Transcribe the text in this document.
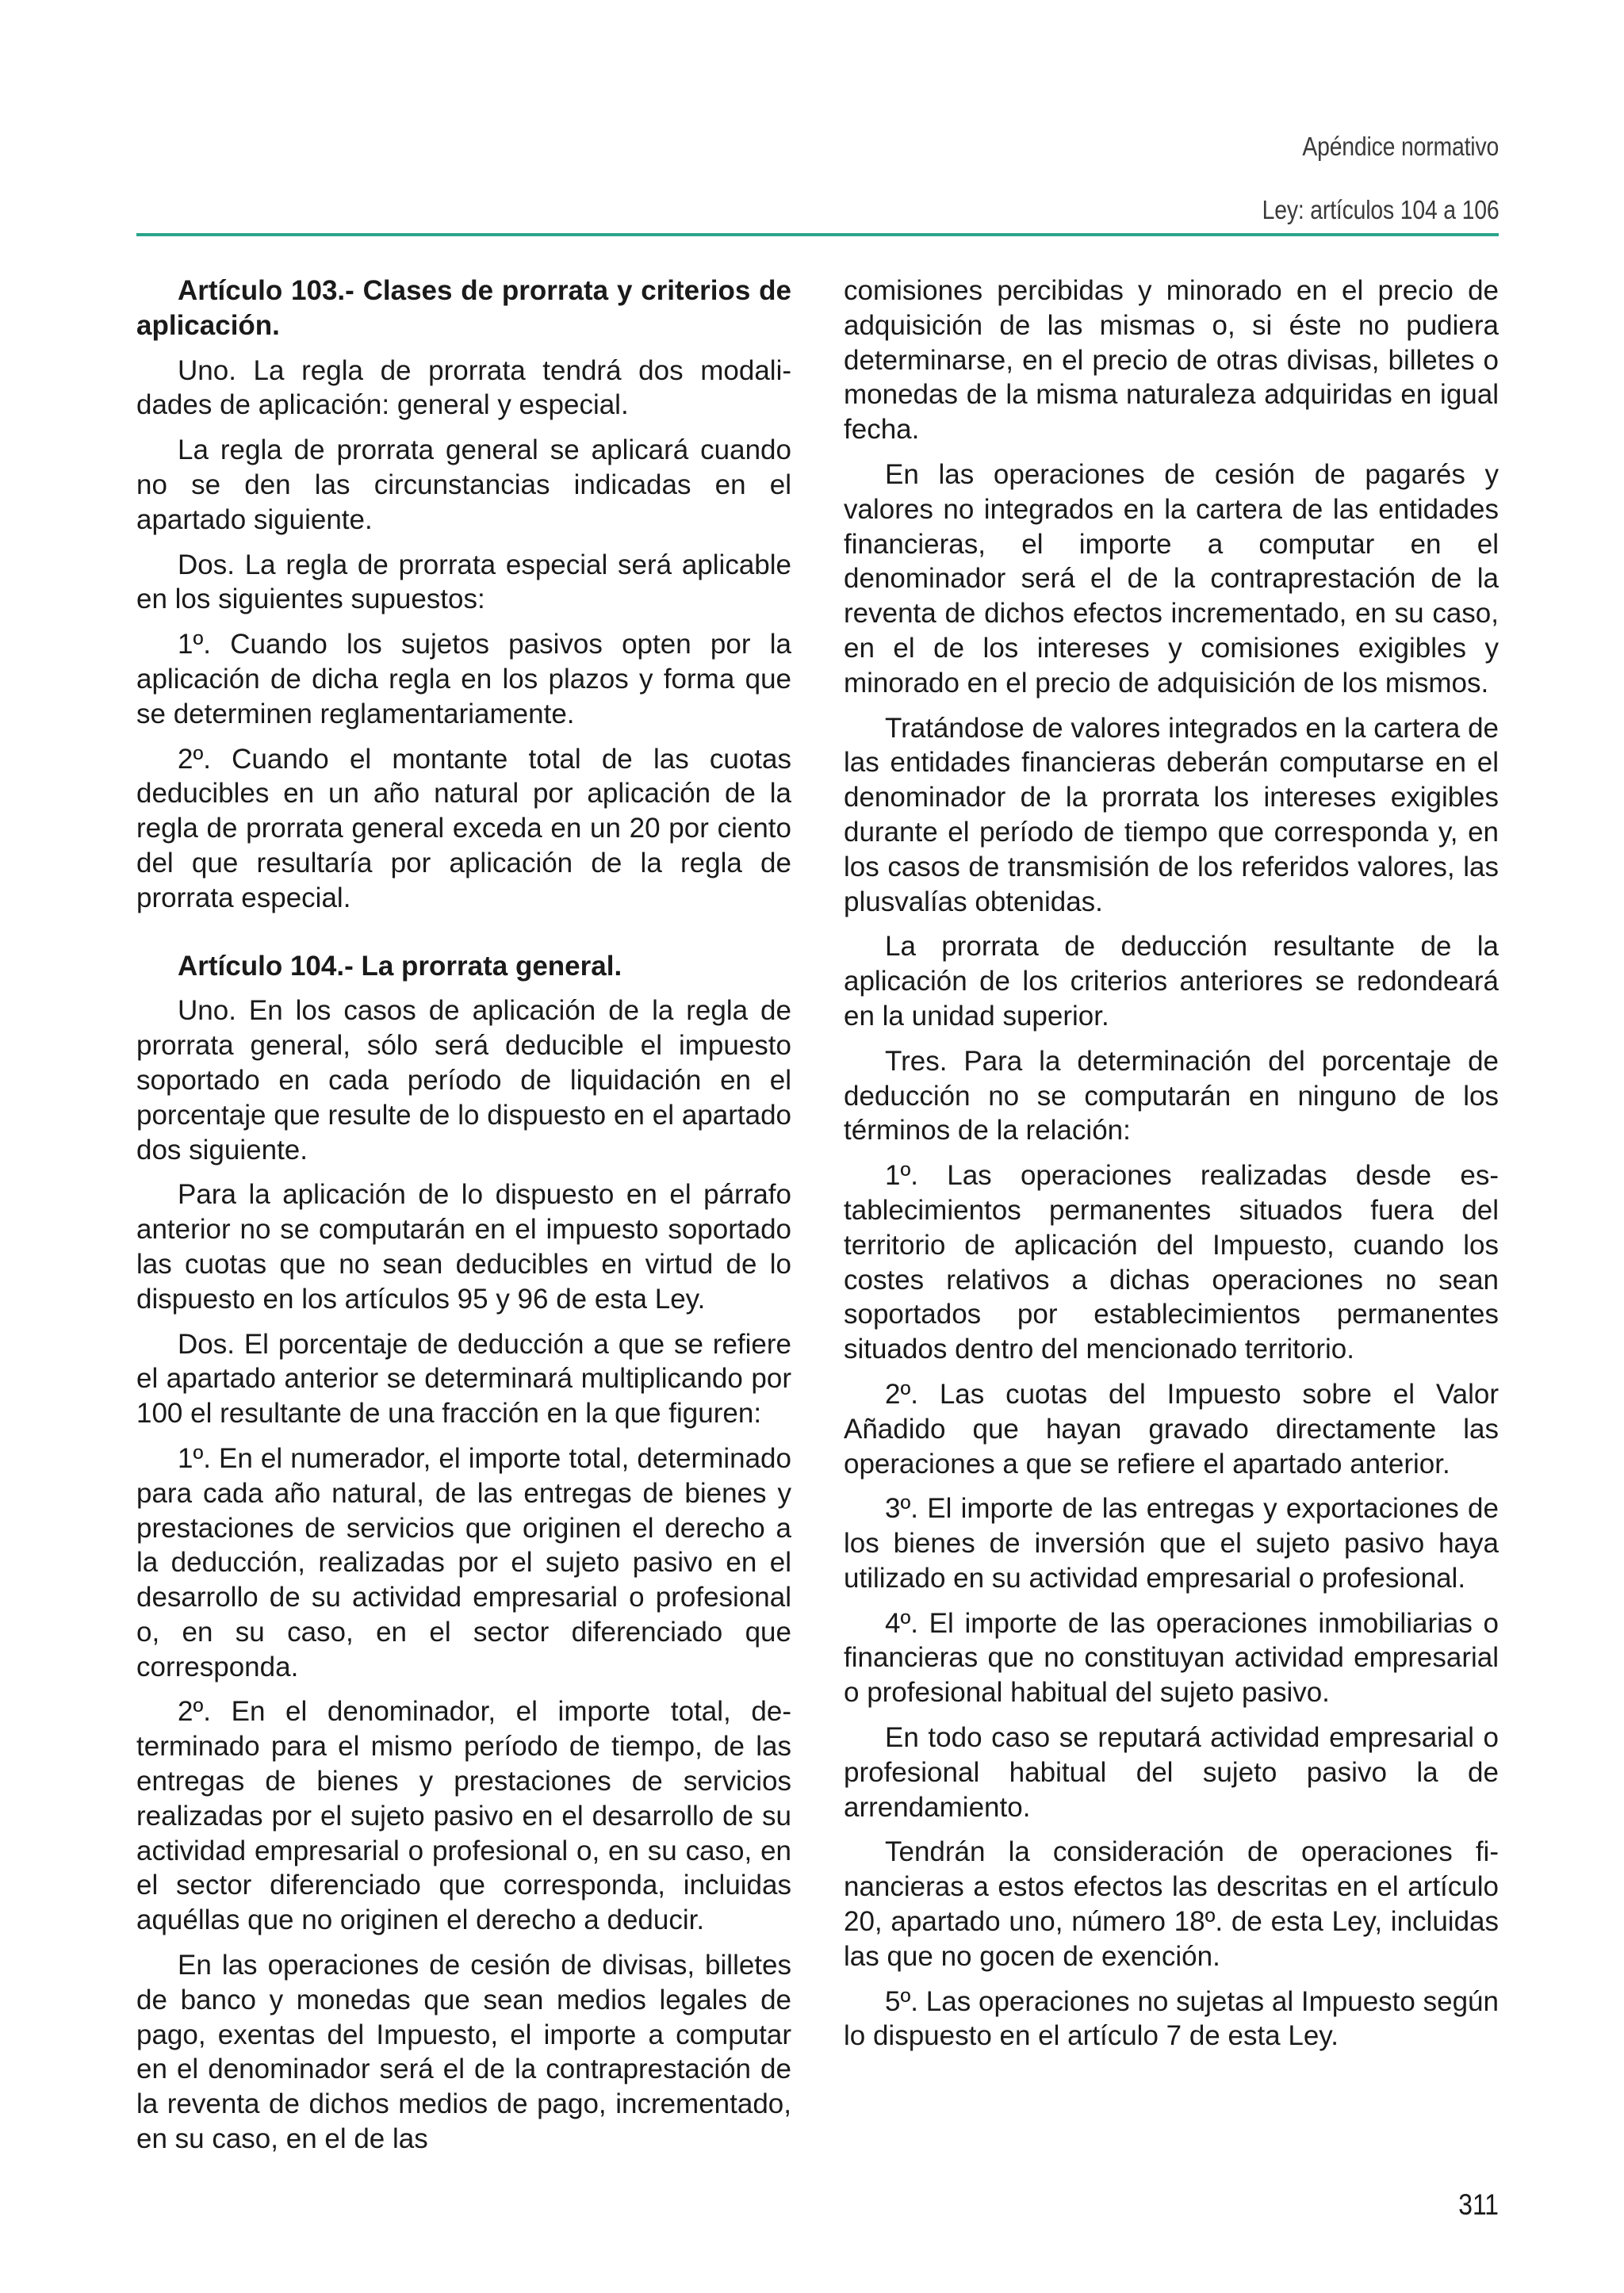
Apéndice normativo
Ley: artículos 104 a 106
Artículo 103.- Clases de prorrata y criterios de aplicación.

Uno. La regla de prorrata tendrá dos modalidades de aplicación: general y especial.

La regla de prorrata general se aplicará cuando no se den las circunstancias indicadas en el apartado siguiente.

Dos. La regla de prorrata especial será aplicable en los siguientes supuestos:

1º. Cuando los sujetos pasivos opten por la aplicación de dicha regla en los plazos y forma que se determinen reglamentariamente.

2º. Cuando el montante total de las cuotas deducibles en un año natural por aplicación de la regla de prorrata general exceda en un 20 por ciento del que resultaría por aplicación de la regla de prorrata especial.

Artículo 104.- La prorrata general.

Uno. En los casos de aplicación de la regla de prorrata general, sólo será deducible el impuesto soportado en cada período de liquidación en el porcentaje que resulte de lo dispuesto en el apartado dos siguiente.

Para la aplicación de lo dispuesto en el párrafo anterior no se computarán en el impuesto soportado las cuotas que no sean deducibles en virtud de lo dispuesto en los artículos 95 y 96 de esta Ley.

Dos. El porcentaje de deducción a que se refiere el apartado anterior se determinará multiplicando por 100 el resultante de una fracción en la que figuren:

1º. En el numerador, el importe total, determinado para cada año natural, de las entregas de bienes y prestaciones de servicios que originen el derecho a la deducción, realizadas por el sujeto pasivo en el desarrollo de su actividad empresarial o profesional o, en su caso, en el sector diferenciado que corresponda.

2º. En el denominador, el importe total, determinado para el mismo período de tiempo, de las entregas de bienes y prestaciones de servicios realizadas por el sujeto pasivo en el desarrollo de su actividad empresarial o profesional o, en su caso, en el sector diferenciado que corresponda, incluidas aquéllas que no originen el derecho a deducir.

En las operaciones de cesión de divisas, billetes de banco y monedas que sean medios legales de pago, exentas del Impuesto, el importe a computar en el denominador será el de la contraprestación de la reventa de dichos medios de pago, incrementado, en su caso, en el de las

comisiones percibidas y minorado en el precio de adquisición de las mismas o, si éste no pudiera determinarse, en el precio de otras divisas, billetes o monedas de la misma naturaleza adquiridas en igual fecha.

En las operaciones de cesión de pagarés y valores no integrados en la cartera de las entidades financieras, el importe a computar en el denominador será el de la contraprestación de la reventa de dichos efectos incrementado, en su caso, en el de los intereses y comisiones exigibles y minorado en el precio de adquisición de los mismos.

Tratándose de valores integrados en la cartera de las entidades financieras deberán computarse en el denominador de la prorrata los intereses exigibles durante el período de tiempo que corresponda y, en los casos de transmisión de los referidos valores, las plusvalías obtenidas.

La prorrata de deducción resultante de la aplicación de los criterios anteriores se redondeará en la unidad superior.

Tres. Para la determinación del porcentaje de deducción no se computarán en ninguno de los términos de la relación:

1º. Las operaciones realizadas desde establecimientos permanentes situados fuera del territorio de aplicación del Impuesto, cuando los costes relativos a dichas operaciones no sean soportados por establecimientos permanentes situados dentro del mencionado territorio.

2º. Las cuotas del Impuesto sobre el Valor Añadido que hayan gravado directamente las operaciones a que se refiere el apartado anterior.

3º. El importe de las entregas y exportaciones de los bienes de inversión que el sujeto pasivo haya utilizado en su actividad empresarial o profesional.

4º. El importe de las operaciones inmobiliarias o financieras que no constituyan actividad empresarial o profesional habitual del sujeto pasivo.

En todo caso se reputará actividad empresarial o profesional habitual del sujeto pasivo la de arrendamiento.

Tendrán la consideración de operaciones financieras a estos efectos las descritas en el artículo 20, apartado uno, número 18º. de esta Ley, incluidas las que no gocen de exención.

5º. Las operaciones no sujetas al Impuesto según lo dispuesto en el artículo 7 de esta Ley.

311
